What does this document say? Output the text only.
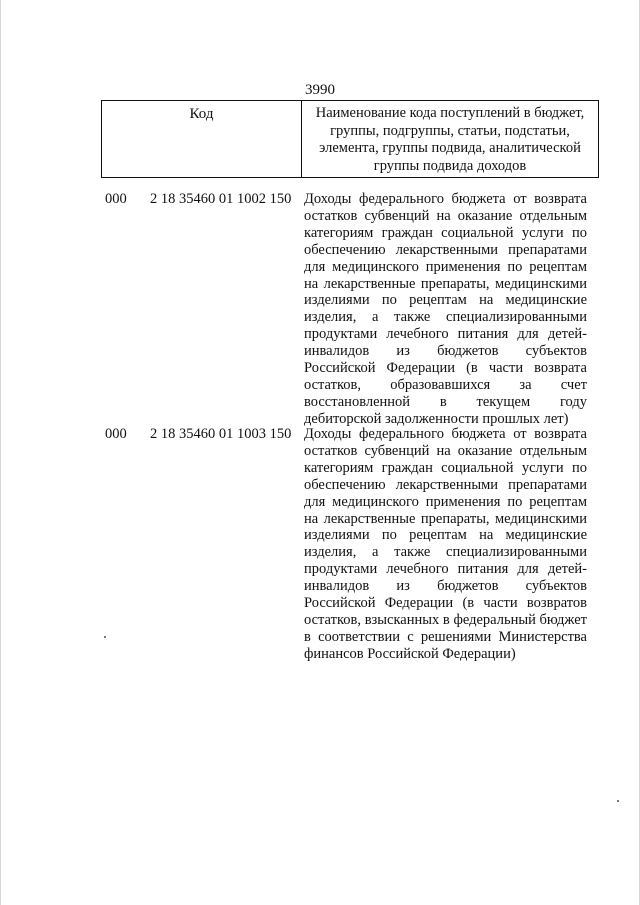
3990
Код	Наименование кода поступлений в бюджет, группы, подгруппы, статьи, подстатьи, элемента, группы подвида, аналитической группы подвида доходов
000 2 18 35460 01 1002 150 Доходы федерального бюджета от возврата остатков субвенций на оказание отдельным категориям граждан социальной услуги по обеспечению лекарственными препаратами для медицинского применения по рецептам на лекарственные препараты, медицинскими изделиями по рецептам на медицинские изделия, а также специализированными продуктами лечебного питания для детей-инвалидов из бюджетов субъектов Российской Федерации (в части возврата остатков, образовавшихся за счет восстановленной в текущем году дебиторской задолженности прошлых лет)
000 2 18 35460 01 1003 150 Доходы федерального бюджета от возврата остатков субвенций на оказание отдельным категориям граждан социальной услуги по обеспечению лекарственными препаратами для медицинского применения по рецептам на лекарственные препараты, медицинскими изделиями по рецептам на медицинские изделия, а также специализированными продуктами лечебного питания для детей-инвалидов из бюджетов субъектов Российской Федерации (в части возвратов остатков, взысканных в федеральный бюджет в соответствии с решениями Министерства финансов Российской Федерации)
